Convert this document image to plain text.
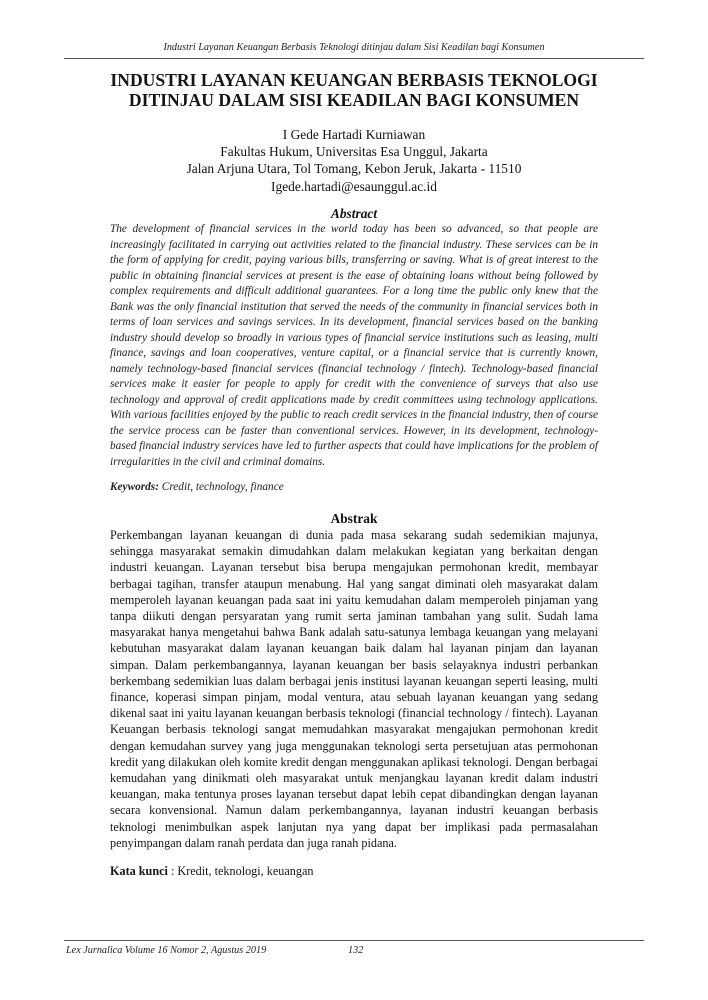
Industri Layanan Keuangan Berbasis Teknologi ditinjau dalam Sisi Keadilan bagi Konsumen
INDUSTRI LAYANAN KEUANGAN BERBASIS TEKNOLOGI
DITINJAU DALAM SISI KEADILAN BAGI KONSUMEN
I Gede Hartadi Kurniawan
Fakultas Hukum, Universitas Esa Unggul, Jakarta
Jalan Arjuna Utara, Tol Tomang, Kebon Jeruk, Jakarta - 11510
Igede.hartadi@esaunggul.ac.id
Abstract
The development of financial services in the world today has been so advanced, so that people are increasingly facilitated in carrying out activities related to the financial industry. These services can be in the form of applying for credit, paying various bills, transferring or saving. What is of great interest to the public in obtaining financial services at present is the ease of obtaining loans without being followed by complex requirements and difficult additional guarantees. For a long time the public only knew that the Bank was the only financial institution that served the needs of the community in financial services both in terms of loan services and savings services. In its development, financial services based on the banking industry should develop so broadly in various types of financial service institutions such as leasing, multi finance, savings and loan cooperatives, venture capital, or a financial service that is currently known, namely technology-based financial services (financial technology / fintech). Technology-based financial services make it easier for people to apply for credit with the convenience of surveys that also use technology and approval of credit applications made by credit committees using technology applications. With various facilities enjoyed by the public to reach credit services in the financial industry, then of course the service process can be faster than conventional services. However, in its development, technology-based financial industry services have led to further aspects that could have implications for the problem of irregularities in the civil and criminal domains.
Keywords: Credit, technology, finance
Abstrak
Perkembangan layanan keuangan di dunia pada masa sekarang sudah sedemikian majunya, sehingga masyarakat semakin dimudahkan dalam melakukan kegiatan yang berkaitan dengan industri keuangan. Layanan tersebut bisa berupa mengajukan permohonan kredit, membayar berbagai tagihan, transfer ataupun menabung. Hal yang sangat diminati oleh masyarakat dalam memperoleh layanan keuangan pada saat ini yaitu kemudahan dalam memperoleh pinjaman yang tanpa diikuti dengan persyaratan yang rumit serta jaminan tambahan yang sulit. Sudah lama masyarakat hanya mengetahui bahwa Bank adalah satu-satunya lembaga keuangan yang melayani kebutuhan masyarakat dalam layanan keuangan baik dalam hal layanan pinjam dan layanan simpan. Dalam perkembangannya, layanan keuangan ber basis selayaknya industri perbankan berkembang sedemikian luas dalam berbagai jenis institusi layanan keuangan seperti leasing, multi finance, koperasi simpan pinjam, modal ventura, atau sebuah layanan keuangan yang sedang dikenal saat ini yaitu layanan keuangan berbasis teknologi (financial technology / fintech). Layanan Keuangan berbasis teknologi sangat memudahkan masyarakat mengajukan permohonan kredit dengan kemudahan survey yang juga menggunakan teknologi serta persetujuan atas permohonan kredit yang dilakukan oleh komite kredit dengan menggunakan aplikasi teknologi. Dengan berbagai kemudahan yang dinikmati oleh masyarakat untuk menjangkau layanan kredit dalam industri keuangan, maka tentunya proses layanan tersebut dapat lebih cepat dibandingkan dengan layanan secara konvensional. Namun dalam perkembangannya, layanan industri keuangan berbasis teknologi menimbulkan aspek lanjutan nya yang dapat ber implikasi pada permasalahan penyimpangan dalam ranah perdata dan juga ranah pidana.
Kata kunci : Kredit, teknologi, keuangan
Lex Jurnalica Volume 16 Nomor 2, Agustus 2019	132
